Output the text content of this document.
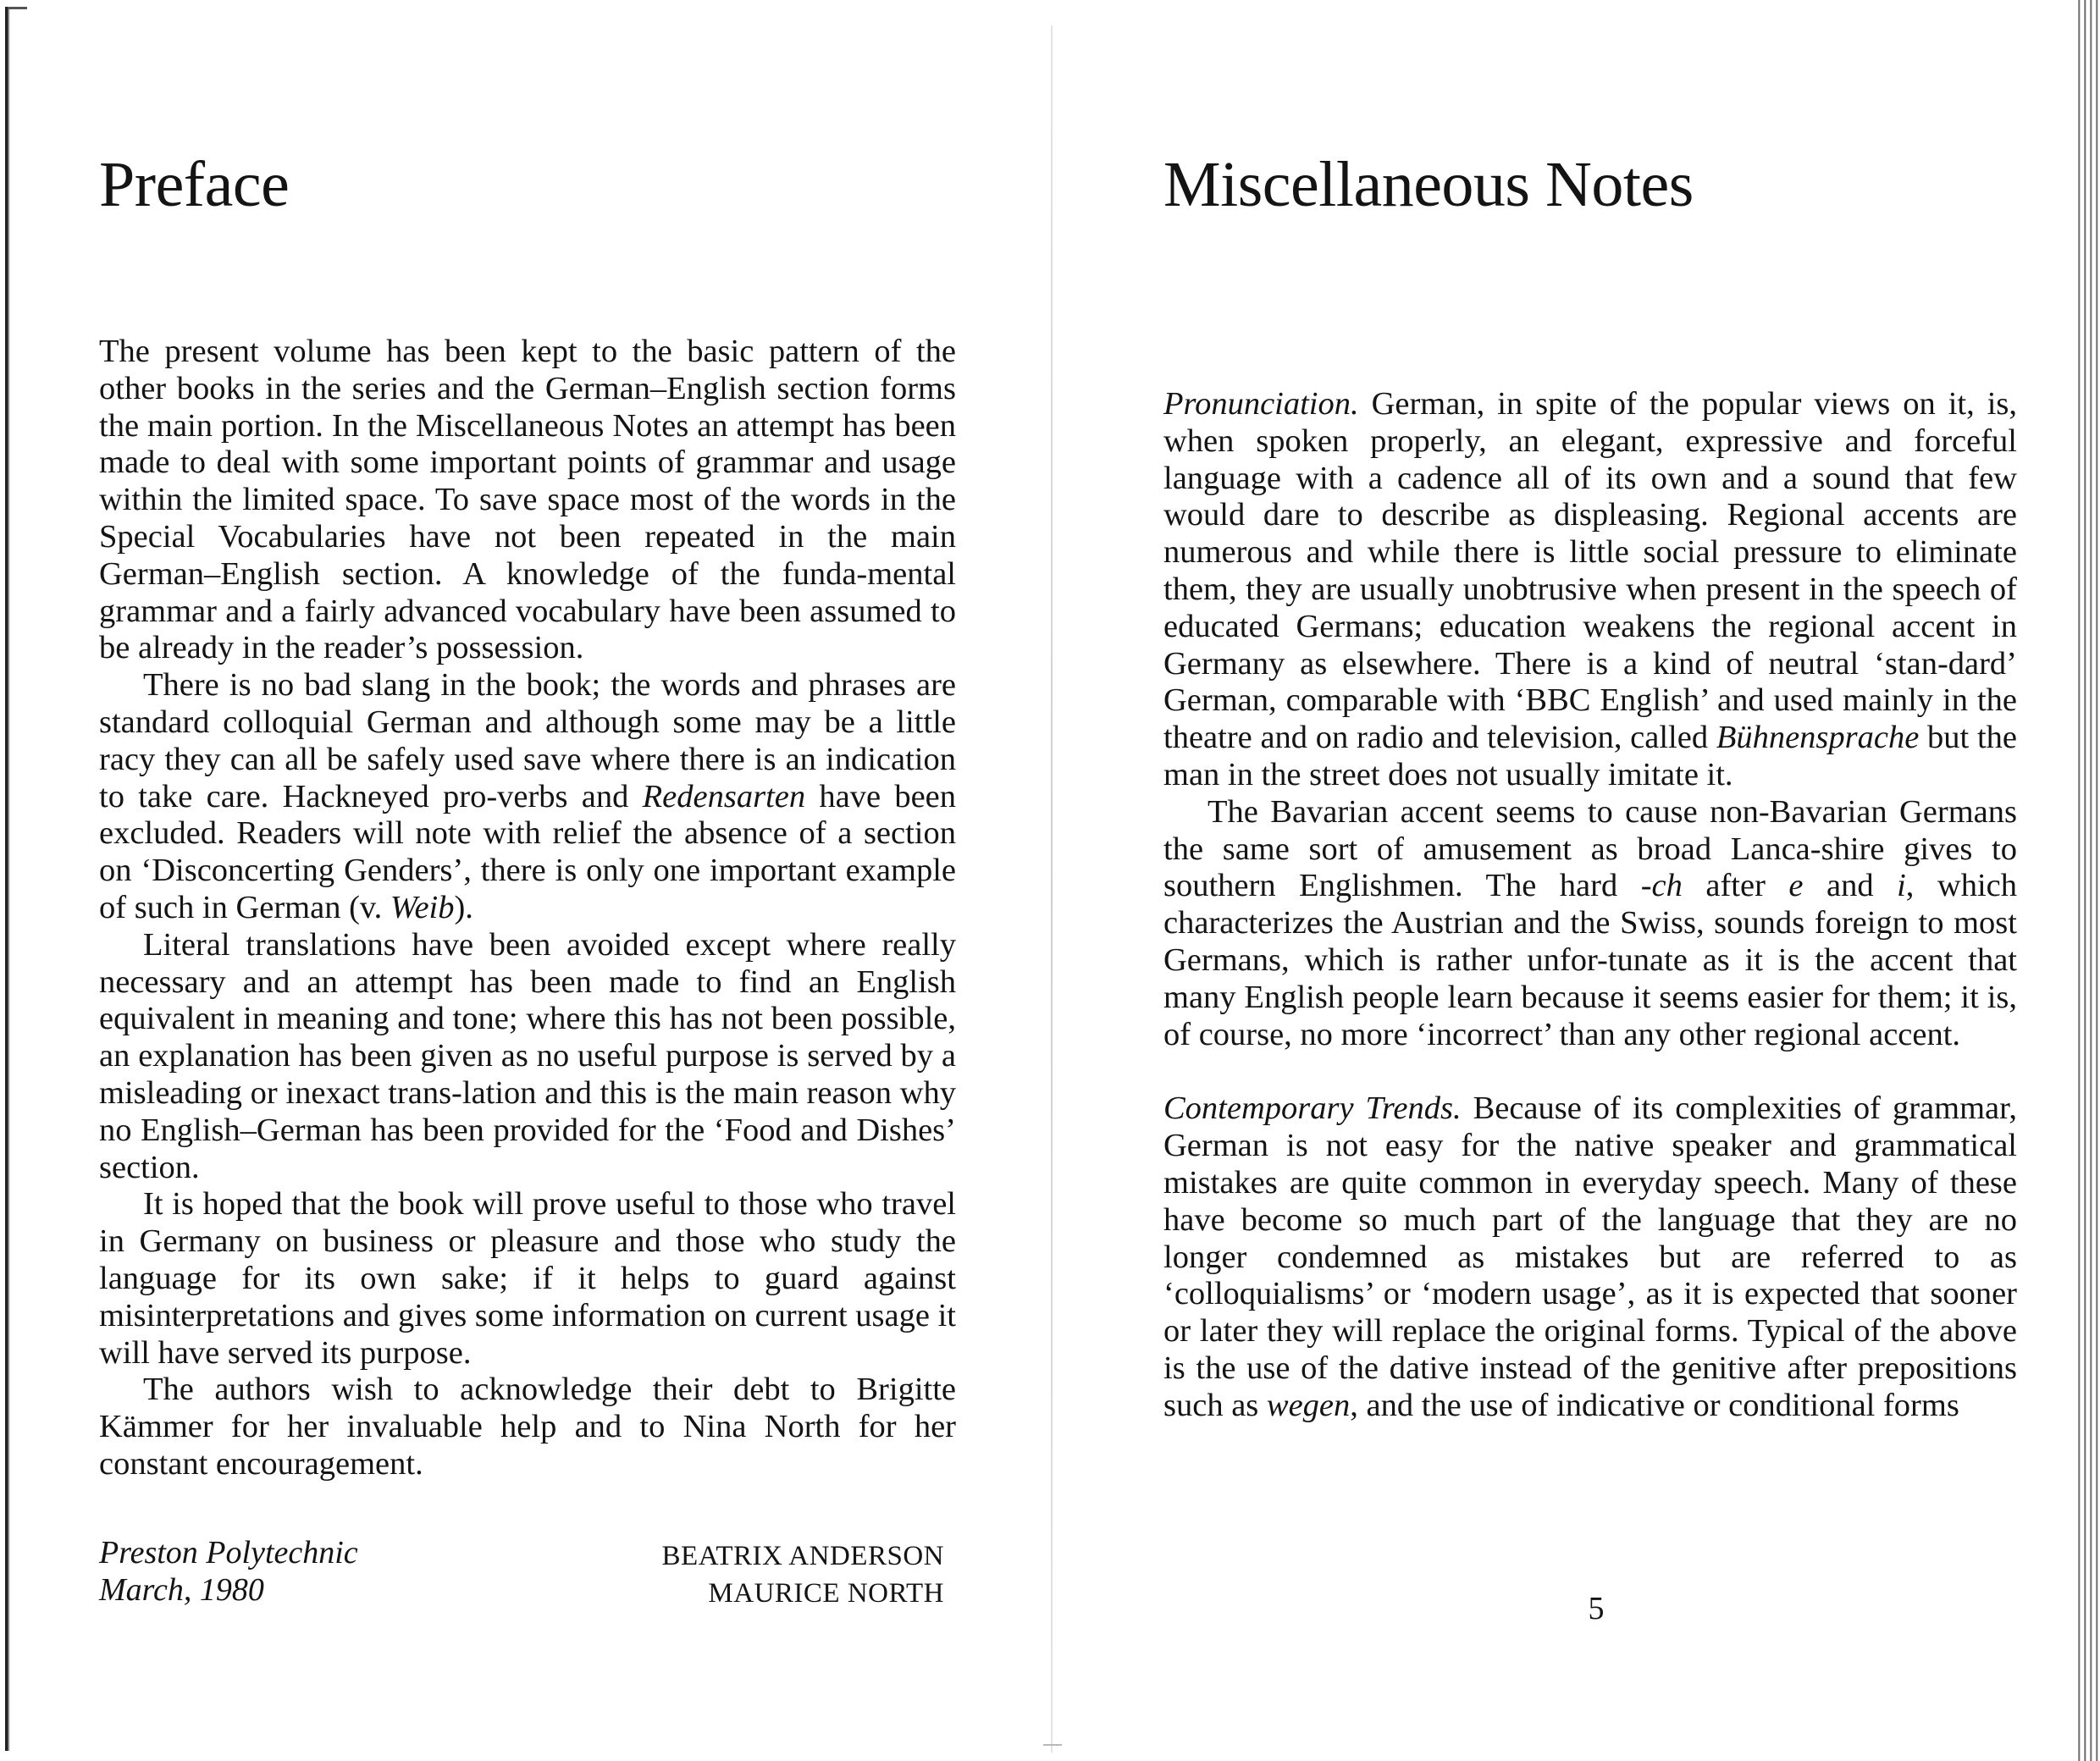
Preface

The present volume has been kept to the basic pattern of the other books in the series and the German–English section forms the main portion. In the Miscellaneous Notes an attempt has been made to deal with some important points of grammar and usage within the limited space. To save space most of the words in the Special Vocabularies have not been repeated in the main German–English section. A knowledge of the funda-mental grammar and a fairly advanced vocabulary have been assumed to be already in the reader’s possession.

There is no bad slang in the book; the words and phrases are standard colloquial German and although some may be a little racy they can all be safely used save where there is an indication to take care. Hackneyed pro-verbs and Redensarten have been excluded. Readers will note with relief the absence of a section on ‘Disconcerting Genders’, there is only one important example of such in German (v. Weib).

Literal translations have been avoided except where really necessary and an attempt has been made to find an English equivalent in meaning and tone; where this has not been possible, an explanation has been given as no useful purpose is served by a misleading or inexact trans-lation and this is the main reason why no English–German has been provided for the ‘Food and Dishes’ section.

It is hoped that the book will prove useful to those who travel in Germany on business or pleasure and those who study the language for its own sake; if it helps to guard against misinterpretations and gives some information on current usage it will have served its purpose.

The authors wish to acknowledge their debt to Brigitte Kämmer for her invaluable help and to Nina North for her constant encouragement.

Preston Polytechnic
March, 1980
BEATRIX ANDERSON
MAURICE NORTH
Miscellaneous Notes

Pronunciation. German, in spite of the popular views on it, is, when spoken properly, an elegant, expressive and forceful language with a cadence all of its own and a sound that few would dare to describe as displeasing. Regional accents are numerous and while there is little social pressure to eliminate them, they are usually unobtrusive when present in the speech of educated Germans; education weakens the regional accent in Germany as elsewhere. There is a kind of neutral ‘stan-dard’ German, comparable with ‘BBC English’ and used mainly in the theatre and on radio and television, called Bühnensprache but the man in the street does not usually imitate it.

The Bavarian accent seems to cause non-Bavarian Germans the same sort of amusement as broad Lanca-shire gives to southern Englishmen. The hard -ch after e and i, which characterizes the Austrian and the Swiss, sounds foreign to most Germans, which is rather unfor-tunate as it is the accent that many English people learn because it seems easier for them; it is, of course, no more ‘incorrect’ than any other regional accent.

Contemporary Trends. Because of its complexities of grammar, German is not easy for the native speaker and grammatical mistakes are quite common in everyday speech. Many of these have become so much part of the language that they are no longer condemned as mistakes but are referred to as ‘colloquialisms’ or ‘modern usage’, as it is expected that sooner or later they will replace the original forms. Typical of the above is the use of the dative instead of the genitive after prepositions such as wegen, and the use of indicative or conditional forms

5
